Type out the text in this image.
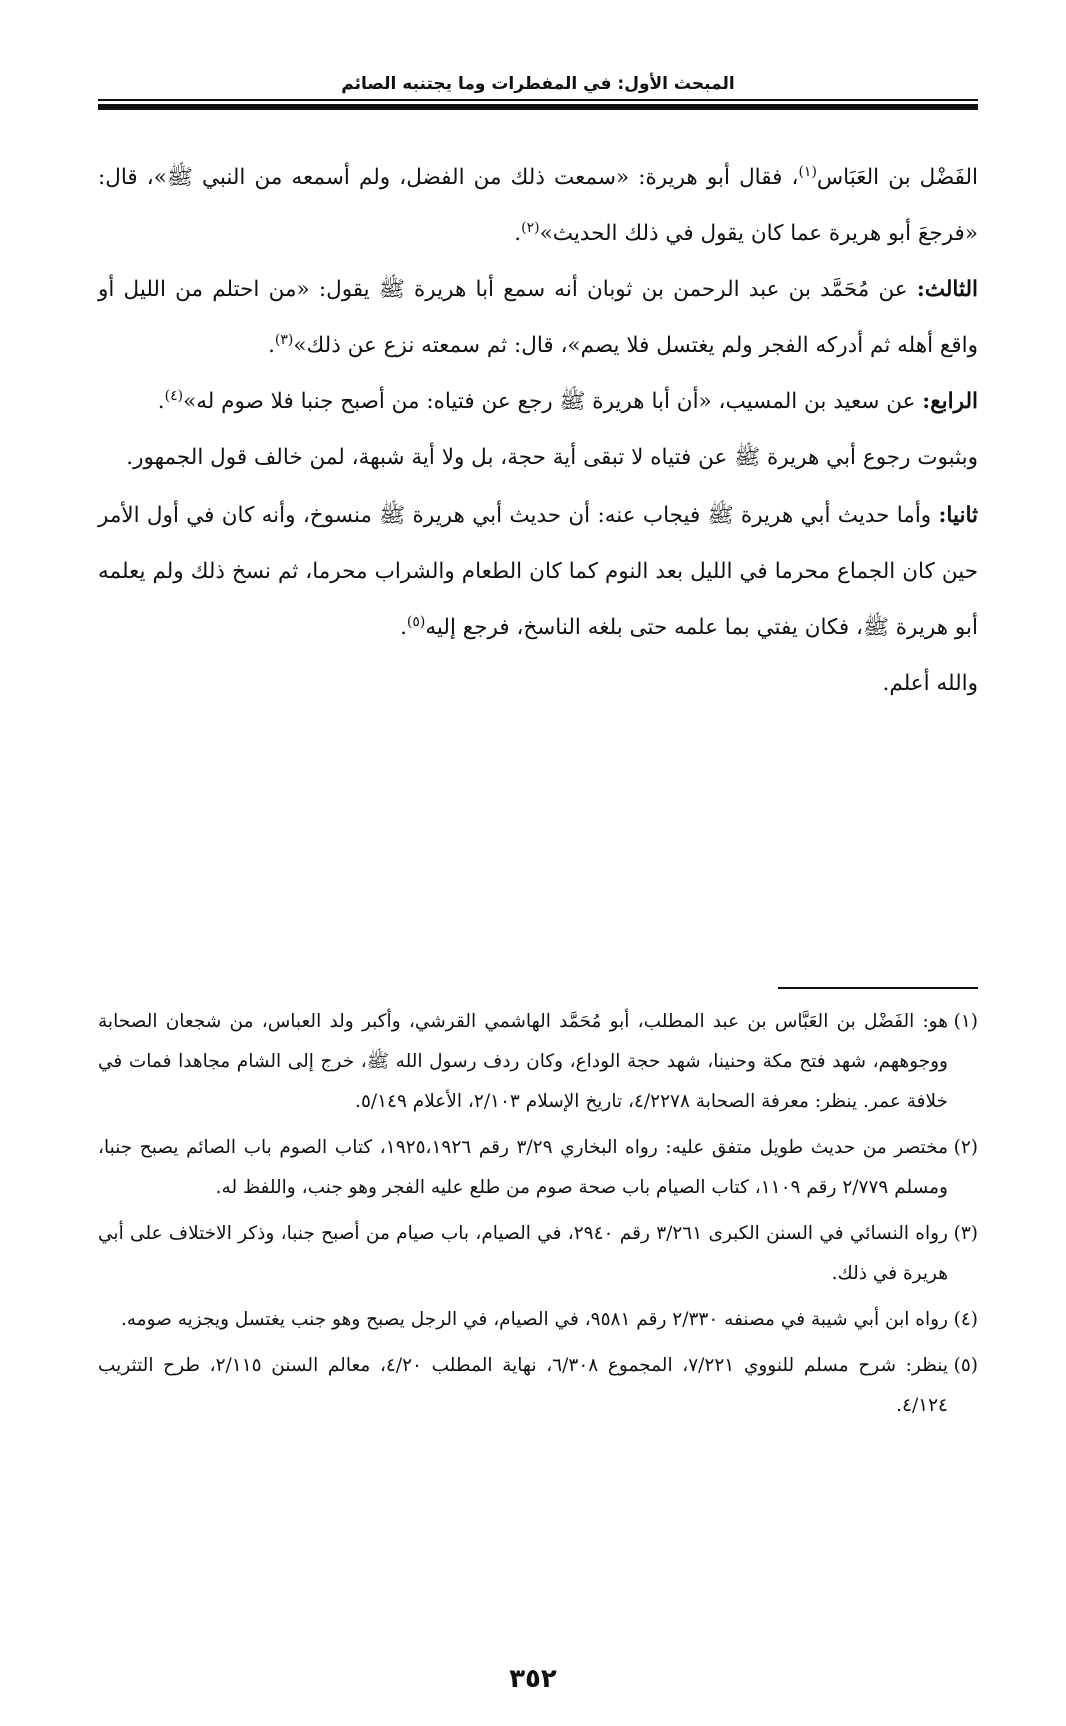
المبحث الأول: في المفطرات وما يجتنبه الصائم

الفَضْل بن العَبَاس$^{(١)}$، فقال أبو هريرة: «سمعت ذلك من الفضل، ولم أسمعه من النبي ﷺ»، قال: «فرجعَ أبو هريرة عما كان يقول في ذلك الحديث»$^{(٢)}$.

الثالث: عن مُحَمَّد بن عبد الرحمن بن ثوبان أنه سمع أبا هريرة ﷺ يقول: «من احتلم من الليل أو واقع أهله ثم أدركه الفجر ولم يغتسل فلا يصم»، قال: ثم سمعته نزع عن ذلك»$^{(٣)}$.

الرابع: عن سعيد بن المسيب، «أن أبا هريرة ﷺ رجع عن فتياه: من أصبح جنبا فلا صوم له»$^{(٤)}$.

وبثبوت رجوع أبي هريرة ﷺ عن فتياه لا تبقى أية حجة، بل ولا أية شبهة، لمن خالف قول الجمهور.

ثانيا: وأما حديث أبي هريرة ﷺ فيجاب عنه: أن حديث أبي هريرة ﷺ منسوخ، وأنه كان في أول الأمر حين كان الجماع محرما في الليل بعد النوم كما كان الطعام والشراب محرما، ثم نسخ ذلك ولم يعلمه أبو هريرة ﷺ، فكان يفتي بما علمه حتى بلغه الناسخ، فرجع إليه$^{(٥)}$.

والله أعلم.

(١)هو: الفَضْل بن العَبَّاس بن عبد المطلب، أبو مُحَمَّد الهاشمي القرشي، وأكبر ولد العباس، من شجعان الصحابة ووجوههم، شهد فتح مكة وحنينا، شهد حجة الوداع، وكان ردف رسول الله ﷺ، خرج إلى الشام مجاهدا فمات في خلافة عمر. ينظر: معرفة الصحابة ٤/٢٢٧٨، تاريخ الإسلام ٢/١٠٣، الأعلام ٥/١٤٩.

(٢)مختصر من حديث طويل متفق عليه: رواه البخاري ٣/٢٩ رقم ١٩٢٥،١٩٢٦، كتاب الصوم باب الصائم يصبح جنبا، ومسلم ٢/٧٧٩ رقم ١١٠٩، كتاب الصيام باب صحة صوم من طلع عليه الفجر وهو جنب، واللفظ له.

(٣)رواه النسائي في السنن الكبرى ٣/٢٦١ رقم ٢٩٤٠، في الصيام، باب صيام من أصبح جنبا، وذكر الاختلاف على أبي هريرة في ذلك.

(٤)رواه ابن أبي شيبة في مصنفه ٢/٣٣٠ رقم ٩٥٨١، في الصيام، في الرجل يصبح وهو جنب يغتسل ويجزيه صومه.

(٥)ينظر: شرح مسلم للنووي ٧/٢٢١، المجموع ٦/٣٠٨، نهاية المطلب ٤/٢٠، معالم السنن ٢/١١٥، طرح التثريب ٤/١٢٤.

٣٥٢
